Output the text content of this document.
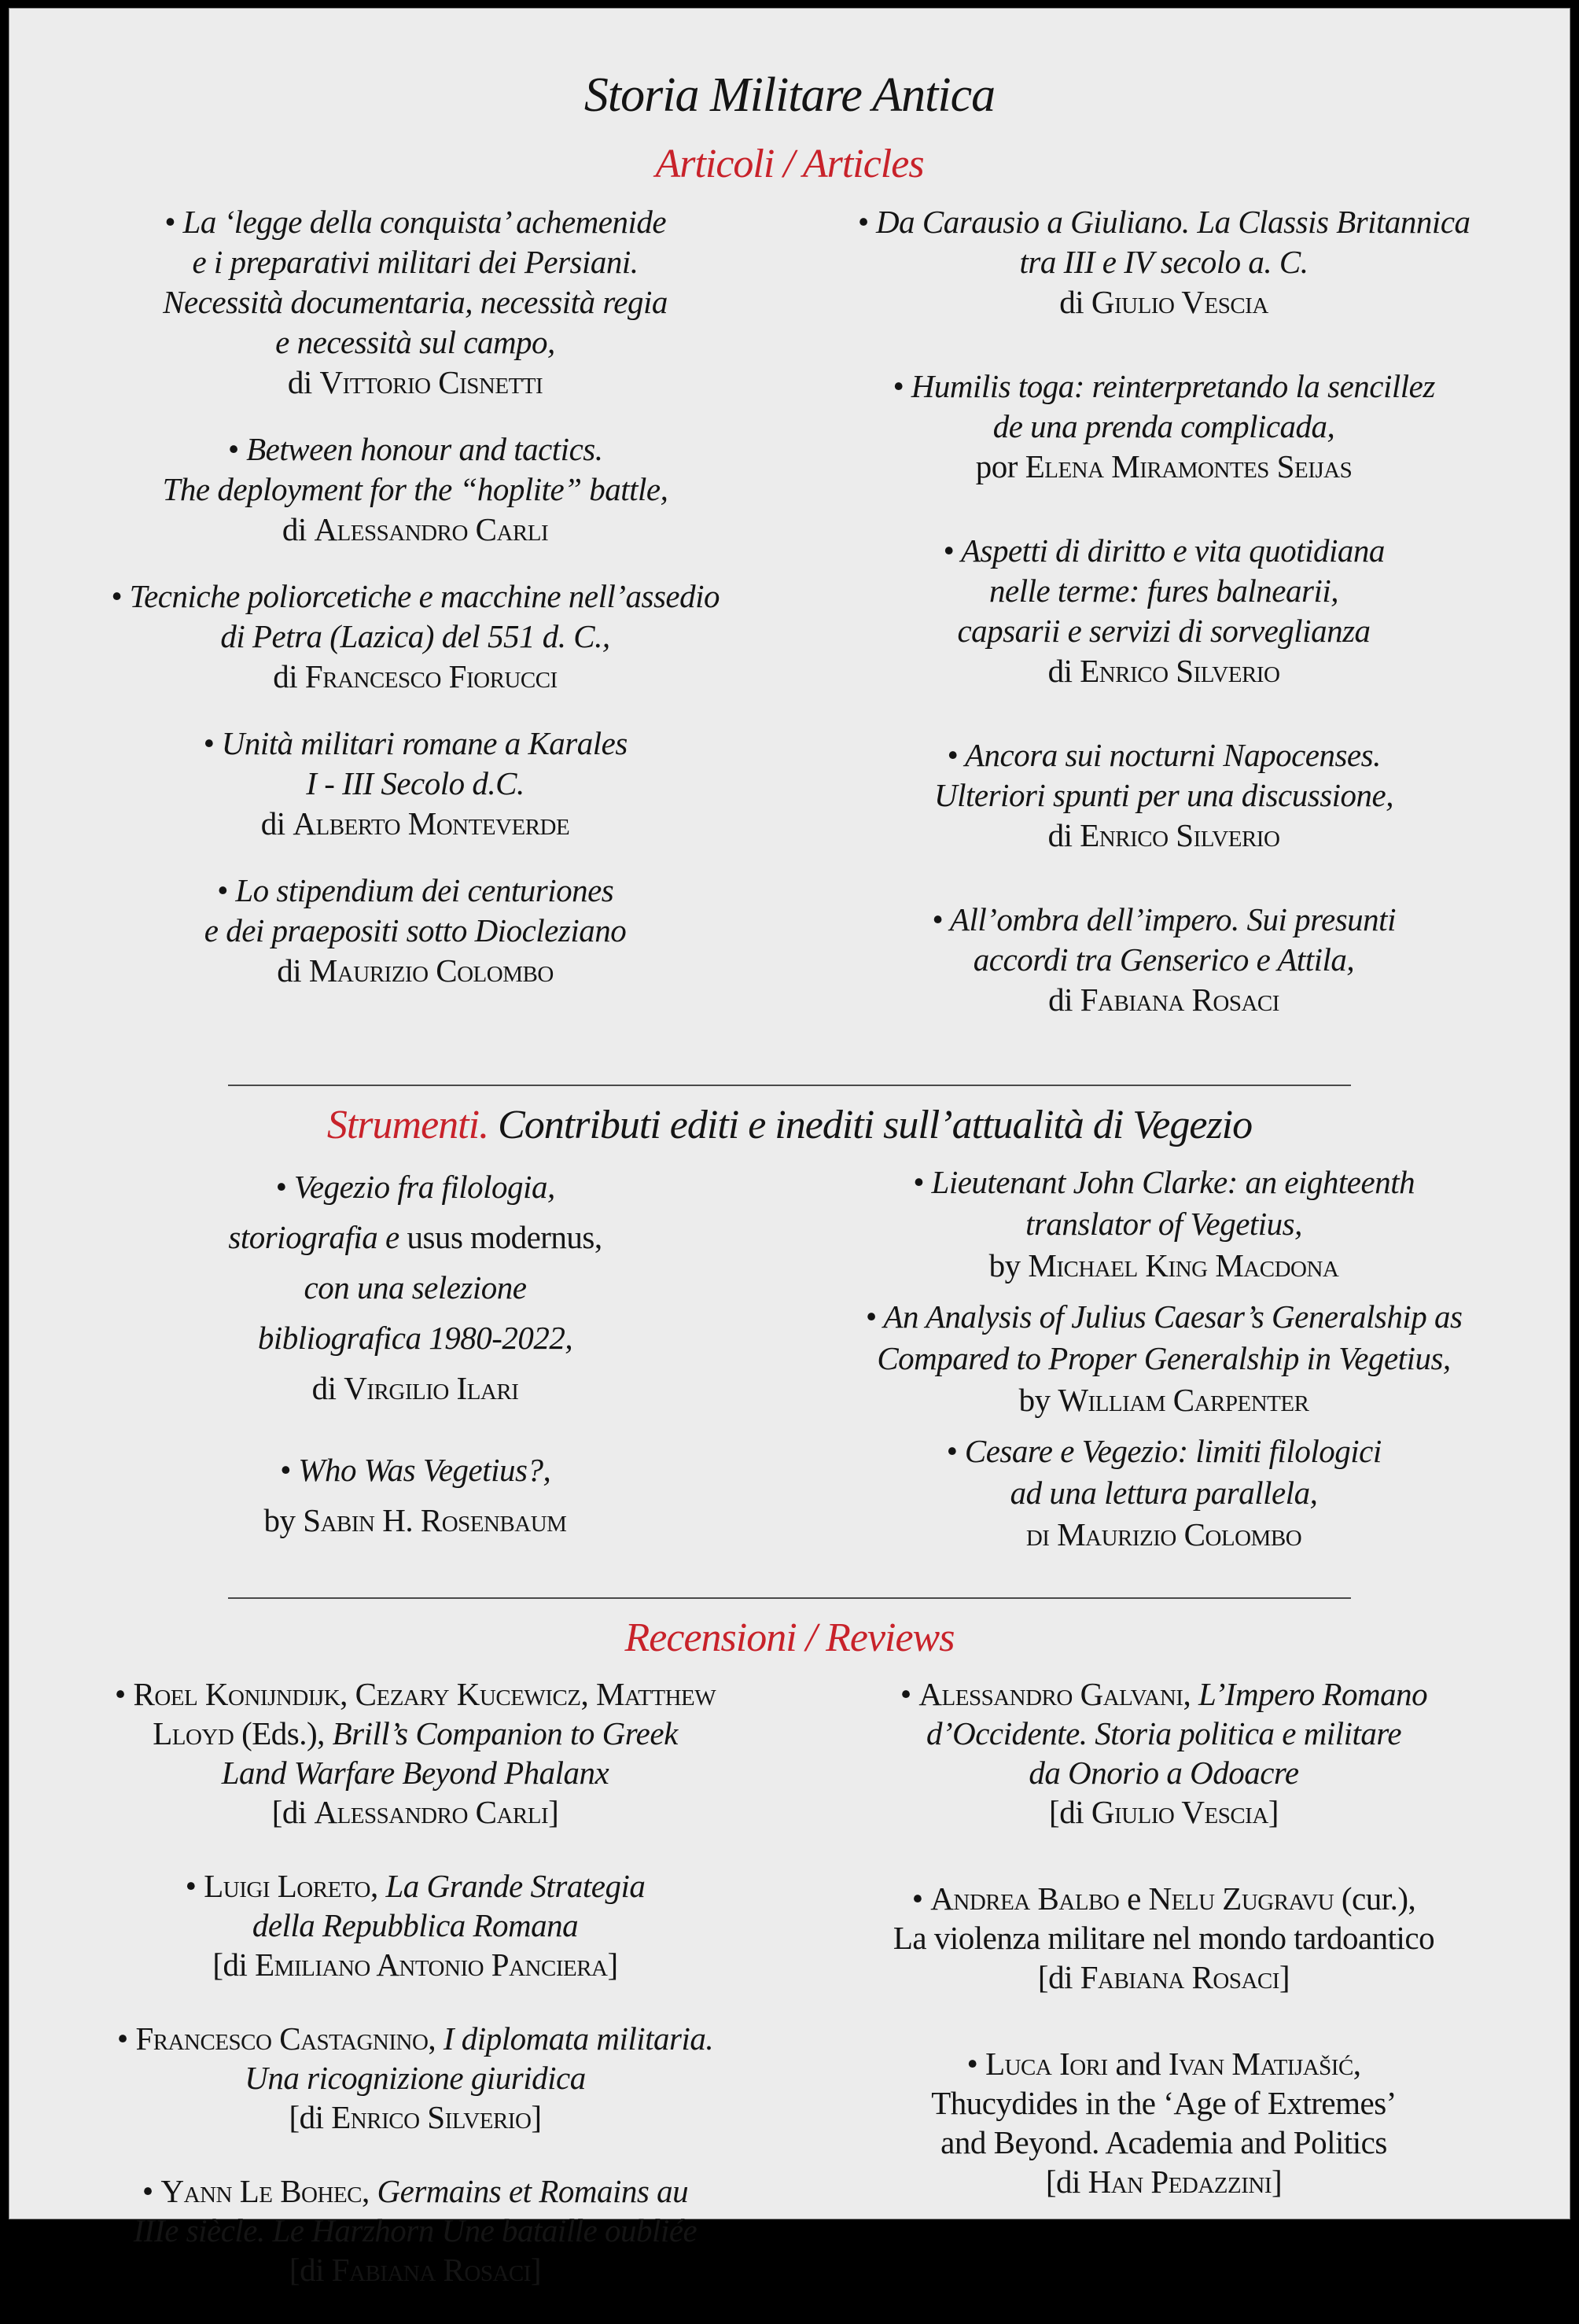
Storia Militare Antica
Articoli / Articles
• La ‘legge della conquista’ achemenide
e i preparativi militari dei Persiani.
Necessità documentaria, necessità regia
e necessità sul campo,
di Vittorio Cisnetti
• Between honour and tactics.
The deployment for the “hoplite” battle,
di Alessandro Carli
• Tecniche poliorcetiche e macchine nell’assedio
di Petra (Lazica) del 551 d. C.,
di Francesco Fiorucci
• Unità militari romane a Karales
I - III Secolo d.C.
di Alberto Monteverde
• Lo stipendium dei centuriones
e dei praepositi sotto Diocleziano
di Maurizio Colombo
• Da Carausio a Giuliano. La Classis Britannica
tra III e IV secolo a. C.
di Giulio Vescia
• Humilis toga: reinterpretando la sencillez
de una prenda complicada,
por Elena Miramontes Seijas
• Aspetti di diritto e vita quotidiana
nelle terme: fures balnearii,
capsarii e servizi di sorveglianza
di Enrico Silverio
• Ancora sui nocturni Napocenses.
Ulteriori spunti per una discussione,
di Enrico Silverio
• All’ombra dell’impero. Sui presunti
accordi tra Genserico e Attila,
di Fabiana Rosaci
Strumenti. Contributi editi e inediti sull’attualità di Vegezio
• Vegezio fra filologia,
storiografia e usus modernus,
con una selezione
bibliografica 1980-2022,
di Virgilio Ilari
• Who Was Vegetius?,
by Sabin H. Rosenbaum
• Lieutenant John Clarke: an eighteenth
translator of Vegetius,
by Michael King Macdona
• An Analysis of Julius Caesar’s Generalship as
Compared to Proper Generalship in Vegetius,
by William Carpenter
• Cesare e Vegezio: limiti filologici
ad una lettura parallela,
di Maurizio Colombo
Recensioni / Reviews
• Roel Konijndijk, Cezary Kucewicz, Matthew
Lloyd (Eds.), Brill’s Companion to Greek
Land Warfare Beyond Phalanx
[di Alessandro Carli]
• Luigi Loreto, La Grande Strategia
della Repubblica Romana
[di Emiliano Antonio Panciera]
• Francesco Castagnino, I diplomata militaria.
Una ricognizione giuridica
[di Enrico Silverio]
• Yann Le Bohec, Germains et Romains au
IIIe siècle. Le Harzhorn Une bataille oubliée
[di Fabiana Rosaci]
• Alessandro Galvani, L’Impero Romano
d’Occidente. Storia politica e militare
da Onorio a Odoacre
[di Giulio Vescia]
• Andrea Balbo e Nelu Zugravu (cur.),
La violenza militare nel mondo tardoantico
[di Fabiana Rosaci]
• Luca Iori and Ivan Matijašić,
Thucydides in the ‘Age of Extremes’
and Beyond. Academia and Politics
[di Han Pedazzini]
